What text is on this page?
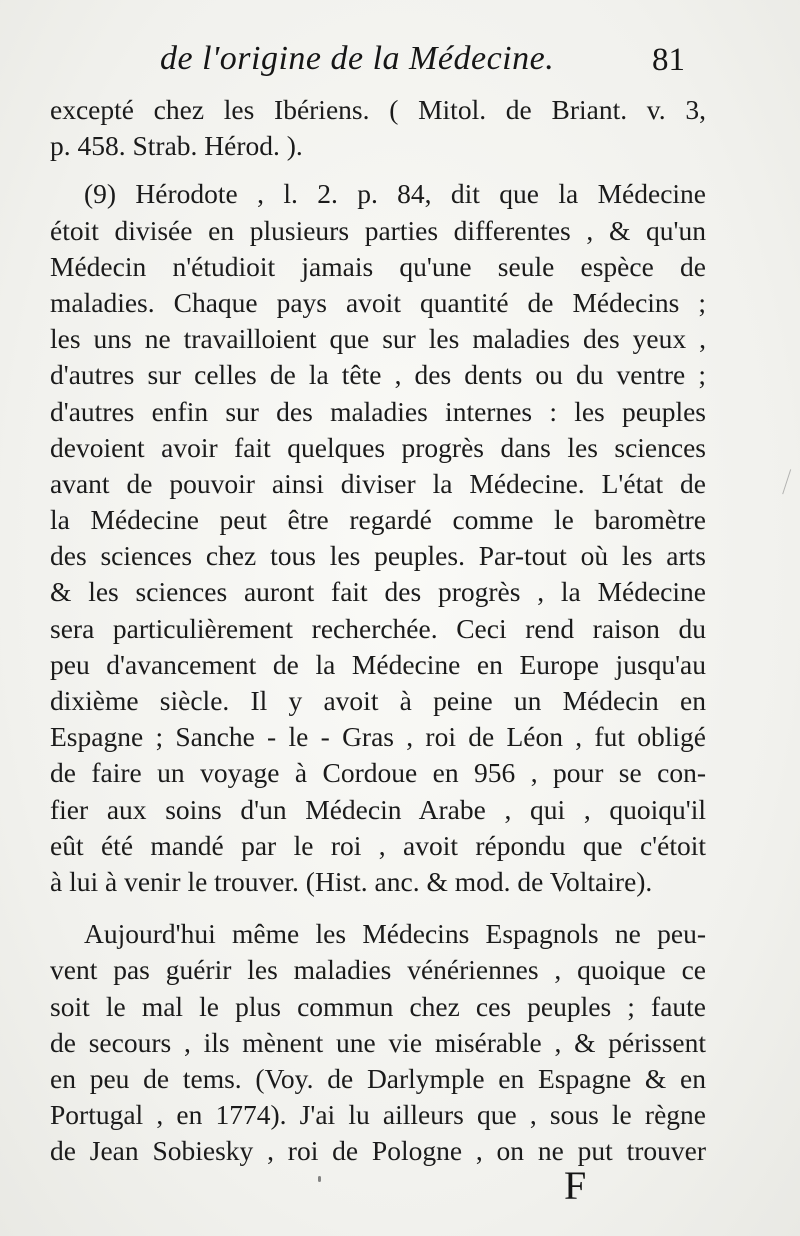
de l'origine de la Médecine.	81
excepté chez les Ibériens. ( Mitol. de Briant. v. 3,
p. 458. Strab. Hérod. ).
(9) Hérodote , l. 2. p. 84, dit que la Médecine
étoit divisée en plusieurs parties differentes , & qu'un
Médecin n'étudioit jamais qu'une seule espèce de
maladies. Chaque pays avoit quantité de Médecins ;
les uns ne travailloient que sur les maladies des yeux ,
d'autres sur celles de la tête , des dents ou du ventre ;
d'autres enfin sur des maladies internes : les peuples
devoient avoir fait quelques progrès dans les sciences
avant de pouvoir ainsi diviser la Médecine. L'état de
la Médecine peut être regardé comme le baromètre
des sciences chez tous les peuples. Par-tout où les arts
& les sciences auront fait des progrès , la Médecine
sera particulièrement recherchée. Ceci rend raison du
peu d'avancement de la Médecine en Europe jusqu'au
dixième siècle. Il y avoit à peine un Médecin en
Espagne ; Sanche - le - Gras , roi de Léon , fut obligé
de faire un voyage à Cordoue en 956 , pour se con-
fier aux soins d'un Médecin Arabe , qui , quoiqu'il
eût été mandé par le roi , avoit répondu que c'étoit
à lui à venir le trouver. (Hist. anc. & mod. de Voltaire).
Aujourd'hui même les Médecins Espagnols ne peu-
vent pas guérir les maladies vénériennes , quoique ce
soit le mal le plus commun chez ces peuples ; faute
de secours , ils mènent une vie misérable , & périssent
en peu de tems. (Voy. de Darlymple en Espagne & en
Portugal , en 1774). J'ai lu ailleurs que , sous le règne
de Jean Sobiesky , roi de Pologne , on ne put trouver
F
